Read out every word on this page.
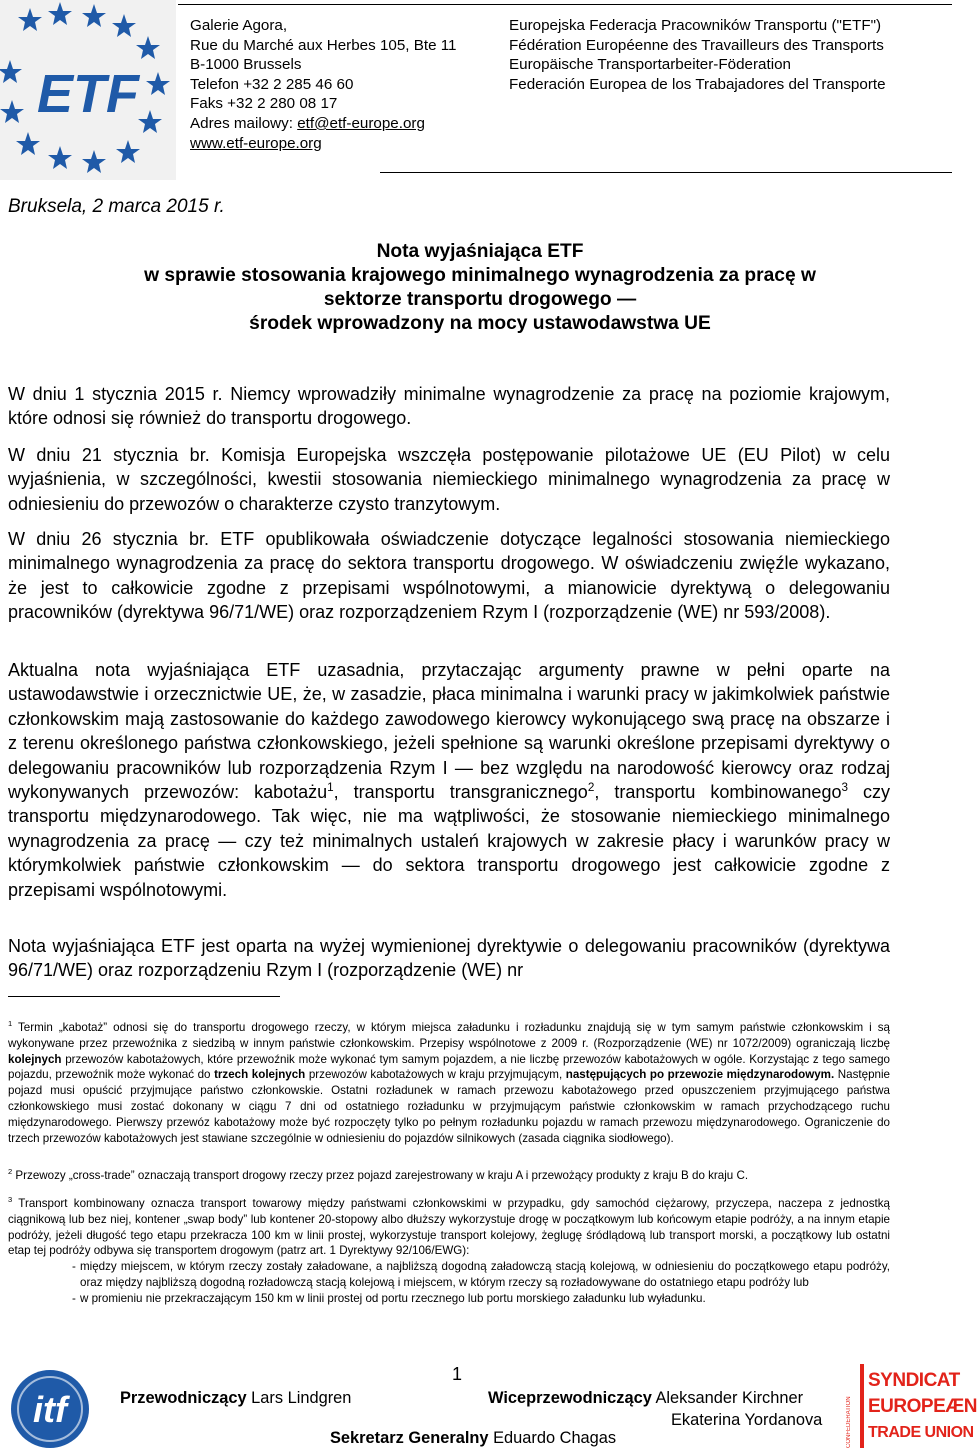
ETF
Galerie Agora,
Rue du Marché aux Herbes 105, Bte 11
B-1000 Brussels
Telefon +32 2 285 46 60
Faks +32 2 280 08 17
Adres mailowy: etf@etf-europe.org
www.etf-europe.org
Europejska Federacja Pracowników Transportu ("ETF")
Fédération Européenne des Travailleurs des Transports
Europäische Transportarbeiter-Föderation
Federación Europea de los Trabajadores del Transporte
Bruksela, 2 marca 2015 r.
Nota wyjaśniająca ETF
w sprawie stosowania krajowego minimalnego wynagrodzenia za pracę w
sektorze transportu drogowego —
środek wprowadzony na mocy ustawodawstwa UE

W dniu 1 stycznia 2015 r. Niemcy wprowadziły minimalne wynagrodzenie za pracę na poziomie krajowym, które odnosi się również do transportu drogowego.

W dniu 21 stycznia br. Komisja Europejska wszczęła postępowanie pilotażowe UE (EU Pilot) w celu wyjaśnienia, w szczególności, kwestii stosowania niemieckiego minimalnego wynagrodzenia za pracę w odniesieniu do przewozów o charakterze czysto tranzytowym.

W dniu 26 stycznia br. ETF opublikowała oświadczenie dotyczące legalności stosowania niemieckiego minimalnego wynagrodzenia za pracę do sektora transportu drogowego. W oświadczeniu zwięźle wykazano, że jest to całkowicie zgodne z przepisami wspólnotowymi, a mianowicie dyrektywą o delegowaniu pracowników (dyrektywa 96/71/WE) oraz rozporządzeniem Rzym I (rozporządzenie (WE) nr 593/2008).

Aktualna nota wyjaśniająca ETF uzasadnia, przytaczając argumenty prawne w pełni oparte na ustawodawstwie i orzecznictwie UE, że, w zasadzie, płaca minimalna i warunki pracy w jakimkolwiek państwie członkowskim mają zastosowanie do każdego zawodowego kierowcy wykonującego swą pracę na obszarze i z terenu określonego państwa członkowskiego, jeżeli spełnione są warunki określone przepisami dyrektywy o delegowaniu pracowników lub rozporządzenia Rzym I — bez względu na narodowość kierowcy oraz rodzaj wykonywanych przewozów: kabotażu$^1$, transportu transgranicznego$^2$, transportu kombinowanego$^3$ czy transportu międzynarodowego. Tak więc, nie ma wątpliwości, że stosowanie niemieckiego minimalnego wynagrodzenia za pracę — czy też minimalnych ustaleń krajowych w zakresie płacy i warunków pracy w którymkolwiek państwie członkowskim — do sektora transportu drogowego jest całkowicie zgodne z przepisami wspólnotowymi.

Nota wyjaśniająca ETF jest oparta na wyżej wymienionej dyrektywie o delegowaniu pracowników (dyrektywa 96/71/WE) oraz rozporządzeniu Rzym I (rozporządzenie (WE) nr

$^1$ Termin „kabotaż” odnosi się do transportu drogowego rzeczy, w którym miejsca załadunku i rozładunku znajdują się w tym samym państwie członkowskim i są wykonywane przez przewoźnika z siedzibą w innym państwie członkowskim. Przepisy wspólnotowe z 2009 r. (Rozporządzenie (WE) nr 1072/2009) ograniczają liczbę kolejnych przewozów kabotażowych, które przewoźnik może wykonać tym samym pojazdem, a nie liczbę przewozów kabotażowych w ogóle. Korzystając z tego samego pojazdu, przewoźnik może wykonać do trzech kolejnych przewozów kabotażowych w kraju przyjmującym, następujących po przewozie międzynarodowym. Następnie pojazd musi opuścić przyjmujące państwo członkowskie. Ostatni rozładunek w ramach przewozu kabotażowego przed opuszczeniem przyjmującego państwa członkowskiego musi zostać dokonany w ciągu 7 dni od ostatniego rozładunku w przyjmującym państwie członkowskim w ramach przychodzącego ruchu międzynarodowego. Pierwszy przewóz kabotażowy może być rozpoczęty tylko po pełnym rozładunku pojazdu w ramach przewozu międzynarodowego. Ograniczenie do trzech przewozów kabotażowych jest stawiane szczególnie w odniesieniu do pojazdów silnikowych (zasada ciągnika siodłowego).
$^2$ Przewozy „cross-trade” oznaczają transport drogowy rzeczy przez pojazd zarejestrowany w kraju A i przewożący produkty z kraju B do kraju C.
$^3$ Transport kombinowany oznacza transport towarowy między państwami członkowskimi w przypadku, gdy samochód ciężarowy, przyczepa, naczepa z jednostką ciągnikową lub bez niej, kontener „swap body” lub kontener 20-stopowy albo dłuższy wykorzystuje drogę w początkowym lub końcowym etapie podróży, a na innym etapie podróży, jeżeli długość tego etapu przekracza 100 km w linii prostej, wykorzystuje transport kolejowy, żeglugę śródlądową lub transport morski, a początkowy lub ostatni etap tej podróży odbywa się transportem drogowym (patrz art. 1 Dyrektywy 92/106/EWG):
- między miejscem, w którym rzeczy zostały załadowane, a najbliższą dogodną załadowczą stacją kolejową, w odniesieniu do początkowego etapu podróży, oraz między najbliższą dogodną rozładowczą stacją kolejową i miejscem, w którym rzeczy są rozładowywane do ostatniego etapu podróży lub
- w promieniu nie przekraczającym 150 km w linii prostej od portu rzecznego lub portu morskiego załadunku lub wyładunku.
1
itf	Przewodniczący Lars Lindgren	Wiceprzewodniczący Aleksander Kirchner
Ekaterina Yordanova
Sekretarz Generalny Eduardo Chagas	CONFEDERATION
SYNDICAT
EUROPEÆN
TRADE UNION
